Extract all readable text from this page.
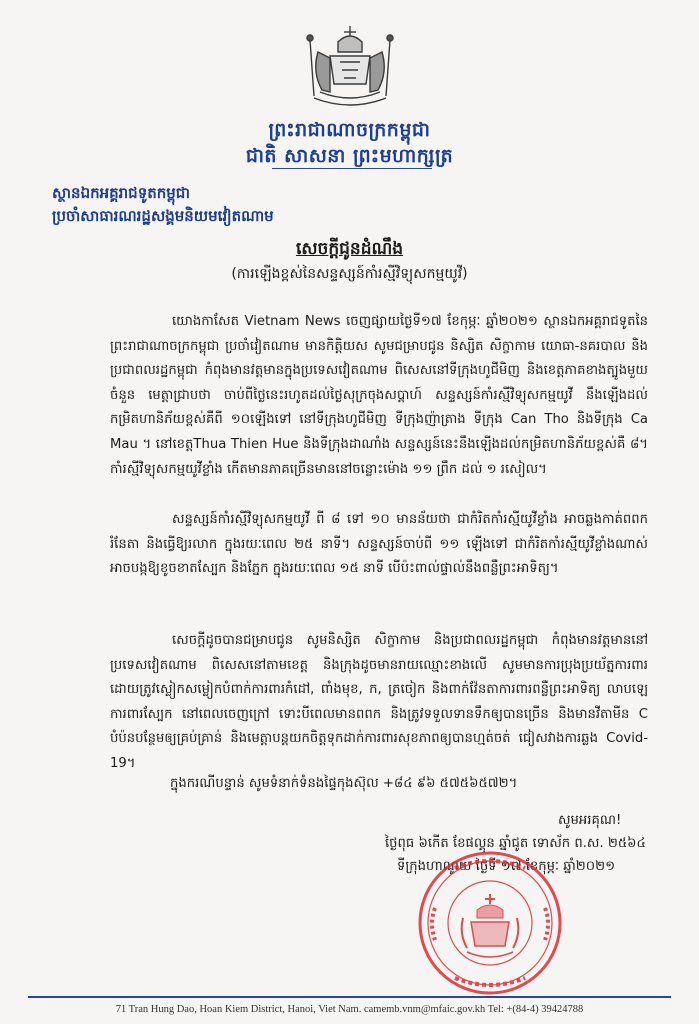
ព្រះរាជាណាចក្រកម្ពុជា
ជាតិ សាសនា ព្រះមហាក្សត្រ
ស្ថានឯកអគ្គរាជទូតកម្ពុជា
ប្រចាំសាធារណរដ្ឋសង្គមនិយមវៀតណាម
សេចក្ដីជូនដំណឹង
(ការឡើងខ្ពស់នៃសន្ទស្សន៍កាំរស្មីវិទ្យុសកម្មយូវី)
យោងកាសែត Vietnam News ចេញផ្សាយថ្ងៃទី១៧ ខែកុម្ភៈ ឆ្នាំ២០២១ ស្ថានឯកអគ្គរាជទូតនៃព្រះរាជាណាចក្រកម្ពុជា ប្រចាំវៀតណាម មានកិត្តិយស សូមជម្រាបជូន និស្សិត សិក្ខាកាម យោធា-នគរបាល និងប្រជាពលរដ្ឋកម្ពុជា កំពុងមានវត្តមានក្នុងប្រទេសវៀតណាម ពិសេសនៅទីក្រុងហូជីមិញ និងខេត្តភាគខាងត្បូងមួយចំនួន មេត្តាជ្រាបថា ចាប់ពីថ្ងៃនេះរហូតដល់ថ្ងៃសុក្រចុងសប្តាហ៍ សន្ទស្សន៍កាំរស្មីវិទ្យុសកម្មយូវី នឹងឡើងដល់កម្រិតហានិភ័យខ្ពស់គឺពី ១០ឡើងទៅ នៅទីក្រុងហូជីមិញ ទីក្រុងញ៉ាត្រាង ទីក្រុង Can Tho និងទីក្រុង Ca Mau ។ នៅខេត្តThua Thien Hue និងទីក្រុងដាណាំង សន្ទស្សន៍នេះនឹងឡើងដល់កម្រិតហានិភ័យខ្ពស់គឺ ៨។ កាំរស្មីវិទ្យុសកម្មយូវីខ្លាំង កើតមានភាគច្រើនមាននៅចន្លោះម៉ោង ១១ ព្រឹក ដល់ ១ រសៀល។
សន្ទស្សន៍កាំរស្មីវិទ្យុសកម្មយូវី ពី ៨ ទៅ ១០ មានន័យថា ជាកំរិតកាំរស្មីយូវីខ្លាំង អាចឆ្លងកាត់ពពក រំនែតា និងធ្វើឱ្យរលាក ក្នុងរយៈពេល ២៥ នាទី។ សន្ទស្សន៍ចាប់ពី ១១ ឡើងទៅ ជាកំរិតកាំរស្មីយូវីខ្លាំងណាស់ អាចបង្កឱ្យខូចខាតស្បែក និងភ្នែក ក្នុងរយៈពេល ១៥ នាទី បើប៉ះពាល់ផ្ទាល់នឹងពន្លឺព្រះអាទិត្យ។
សេចក្ដីដូចបានជម្រាបជូន សូមនិស្សិត សិក្ខាកាម និងប្រជាពលរដ្ឋកម្ពុជា កំពុងមានវត្តមាននៅប្រទេសវៀតណាម ពិសេសនៅតាមខេត្ត និងក្រុងដូចមានរាយឈ្មោះខាងលើ សូមមានការប្រុងប្រយ័ត្នការពារ ដោយត្រូវស្លៀកសម្លៀកបំពាក់ការពារកំដៅ, ពាំងមុខ, ក, ត្រចៀក និងពាក់វ៉ែនតាការពារពន្លឺព្រះអាទិត្យ លាបឡេការពារស្បែក នៅពេលចេញក្រៅ ទោះបីពេលមានពពក និងត្រូវទទួលទានទឹកឲ្យបានច្រើន និងមានវីតាមីន C បំប៉នបន្ថែមឲ្យគ្រប់គ្រាន់ និងមេត្តាបន្តយកចិត្តទុកដាក់ការពារសុខភាពឲ្យបានហ្មត់ចត់ ជៀសវាងការឆ្លង Covid-19។
ក្នុងករណីបន្ទាន់ សូមទំនាក់ទំនងផ្ទៃកុងស៊ុល +៨៤ ៩៦ ៥៧៥៦៥៧២។
សូមអរគុណ!
ថ្ងៃពុធ ៦កើត ខែផល្គុន ឆ្នាំជូត ទោស័ក ព.ស. ២៥៦៤
ទីក្រុងហាណូយ ថ្ងៃទី ១៧ ខែកុម្ភៈ ឆ្នាំ២០២១
71 Tran Hung Dao, Hoan Kiem District, Hanoi, Viet Nam. camemb.vnm@mfaic.gov.kh Tel: +(84-4) 39424788
